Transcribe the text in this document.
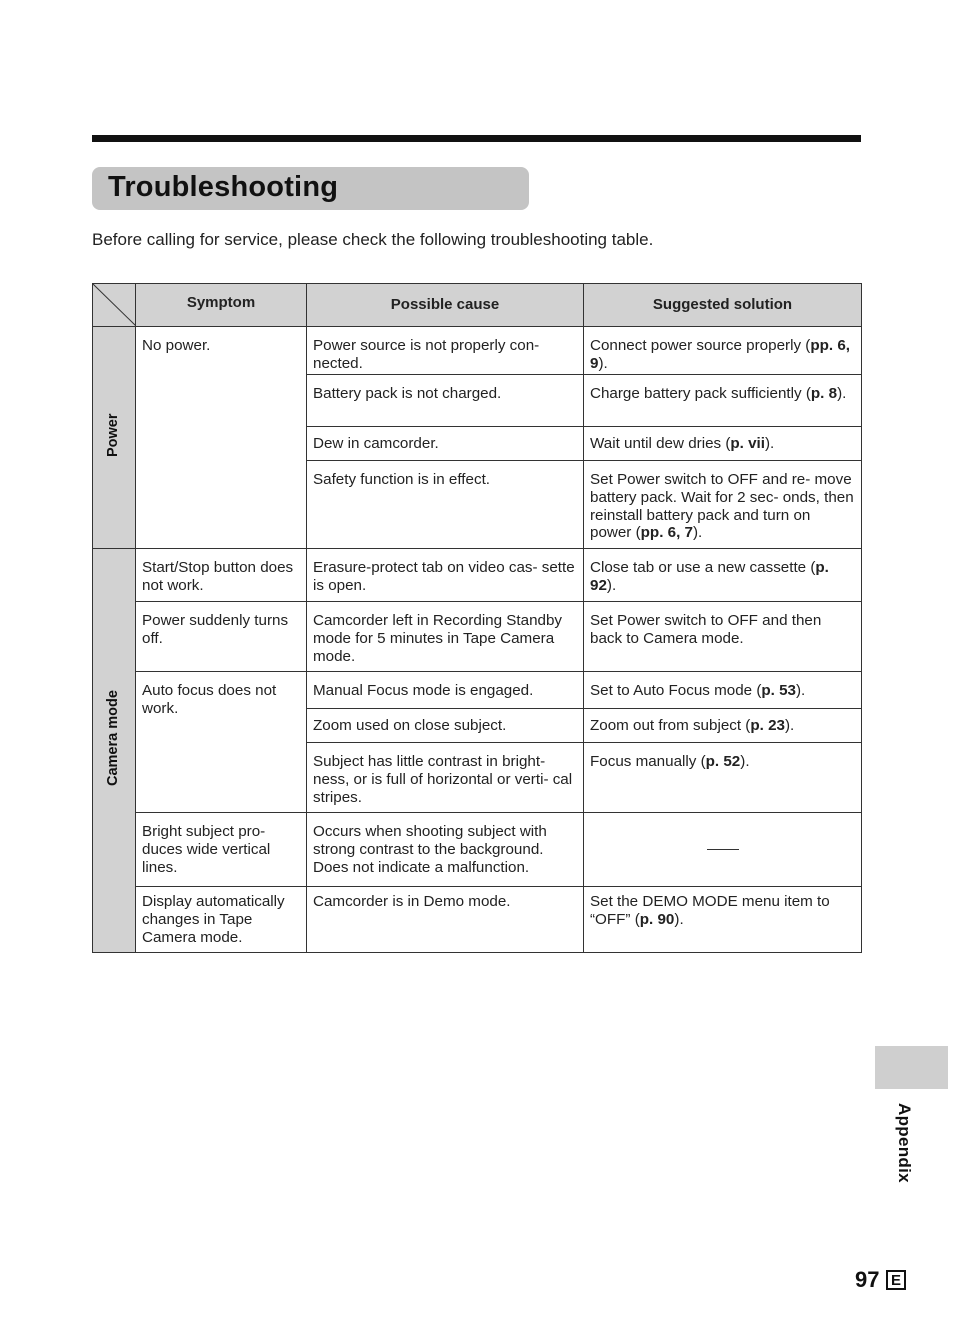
Troubleshooting
Before calling for service, please check the following troubleshooting table.
	Symptom	Possible cause	Suggested solution

Power	No power.	Power source is not properly con- nected.	Connect power source properly (pp. 6, 9).

		Battery pack is not charged.	Charge battery pack sufficiently (p. 8).

		Dew in camcorder.	Wait until dew dries (p. vii).

		Safety function is in effect.	Set Power switch to OFF and re- move battery pack. Wait for 2 sec- onds, then reinstall battery pack and turn on power (pp. 6, 7).

Camera mode	Start/Stop button does not work.	Erasure-protect tab on video cas- sette is open.	Close tab or use a new cassette (p. 92).

	Power suddenly turns off.	Camcorder left in Recording Standby mode for 5 minutes in Tape Camera mode.	Set Power switch to OFF and then back to Camera mode.

	Auto focus does not work.	Manual Focus mode is engaged.	Set to Auto Focus mode (p. 53).

		Zoom used on close subject.	Zoom out from subject (p. 23).

		Subject has little contrast in bright- ness, or is full of horizontal or verti- cal stripes.	Focus manually (p. 52).

	Bright subject pro- duces wide vertical lines.	Occurs when shooting subject with strong contrast to the background. Does not indicate a malfunction.	

	Display automatically changes in Tape Camera mode.	Camcorder is in Demo mode.	Set the DEMO MODE menu item to “OFF” (p. 90).
Appendix
97 E
